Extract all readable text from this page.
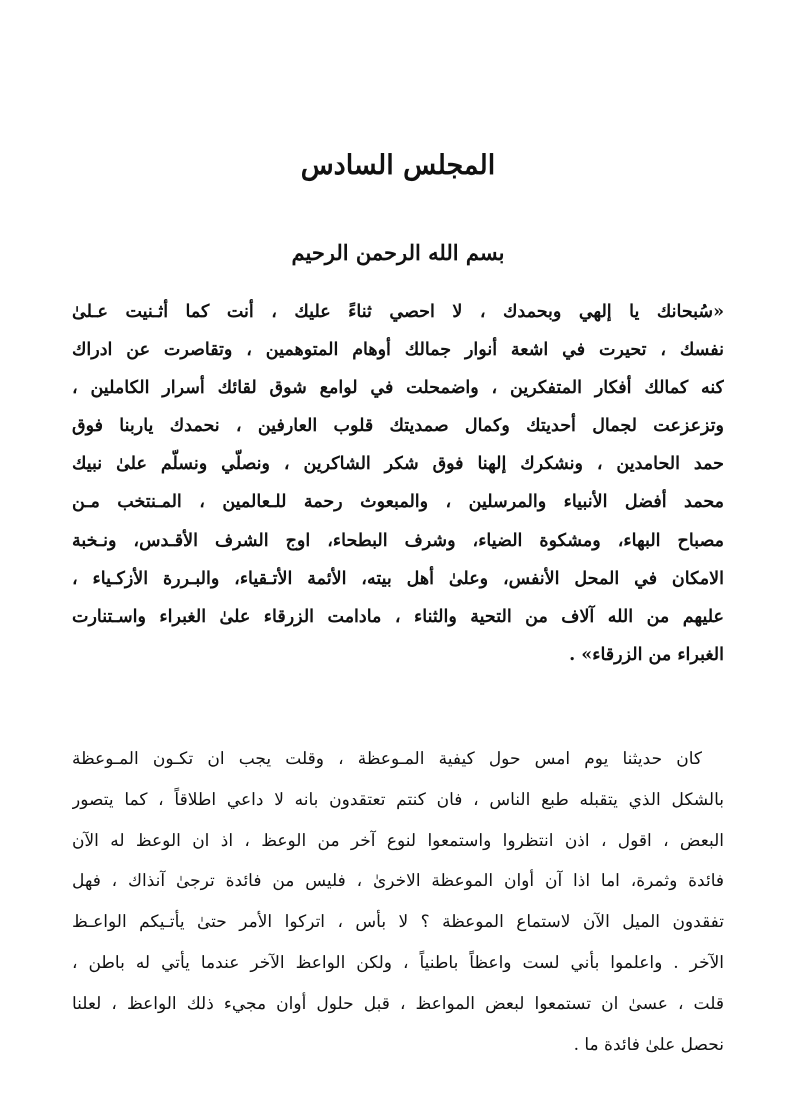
المجلس السادس
بسم الله الرحمن الرحيم
«سُبحانك يا إلهي وبحمدك ، لا احصي ثناءً عليك ، أنت كما أثـنيت عـلىٰ
نفسك ، تحيرت في اشعة أنوار جمالك أوهام المتوهمين ، وتقاصرت عن ادراك
كنه كمالك أفكار المتفكرين ، واضمحلت في لوامع شوق لقائك أسرار الكاملين ،
وتزعزعت لجمال أحديتك وكمال صمديتك قلوب العارفين ، نحمدك ياربنا فوق
حمد الحامدين ، ونشكرك إلهنا فوق شكر الشاكرين ، ونصلّي ونسلّم علىٰ نبيك
محمد أفضل الأنبياء والمرسلين ، والمبعوث رحمة للـعالمين ، المـنتخب مـن
مصباح البهاء، ومشكوة الضياء، وشرف البطحاء، اوج الشرف الأقـدس، ونـخبة
الامكان في المحل الأنفس، وعلىٰ أهل بيته، الأئمة الأتـقياء، والبـررة الأزكـياء ،
عليهم من الله آلاف من التحية والثناء ، مادامت الزرقاء علىٰ الغبراء واسـتنارت
الغبراء من الزرقاء» .
كان حديثنا يوم امس حول كيفية المـوعظة ، وقلت يجب ان تكـون المـوعظة
بالشكل الذي يتقبله طبع الناس ، فان كنتم تعتقدون بانه لا داعي اطلاقاً ، كما يتصور
البعض ، اقول ، اذن انتظروا واستمعوا لنوع آخر من الوعظ ، اذ ان الوعظ له الآن
فائدة وثمرة، اما اذا آن أوان الموعظة الاخرىٰ ، فليس من فائدة ترجىٰ آنذاك ، فهل
تفقدون الميل الآن لاستماع الموعظة ؟ لا بأس ، اتركوا الأمر حتىٰ يأتـيكم الواعـظ
الآخر . واعلموا بأني لست واعظاً باطنياً ، ولكن الواعظ الآخر عندما يأتي له باطن ،
قلت ، عسىٰ ان تستمعوا لبعض المواعظ ، قبل حلول أوان مجيء ذلك الواعظ ، لعلنا
نحصل علىٰ فائدة ما .
